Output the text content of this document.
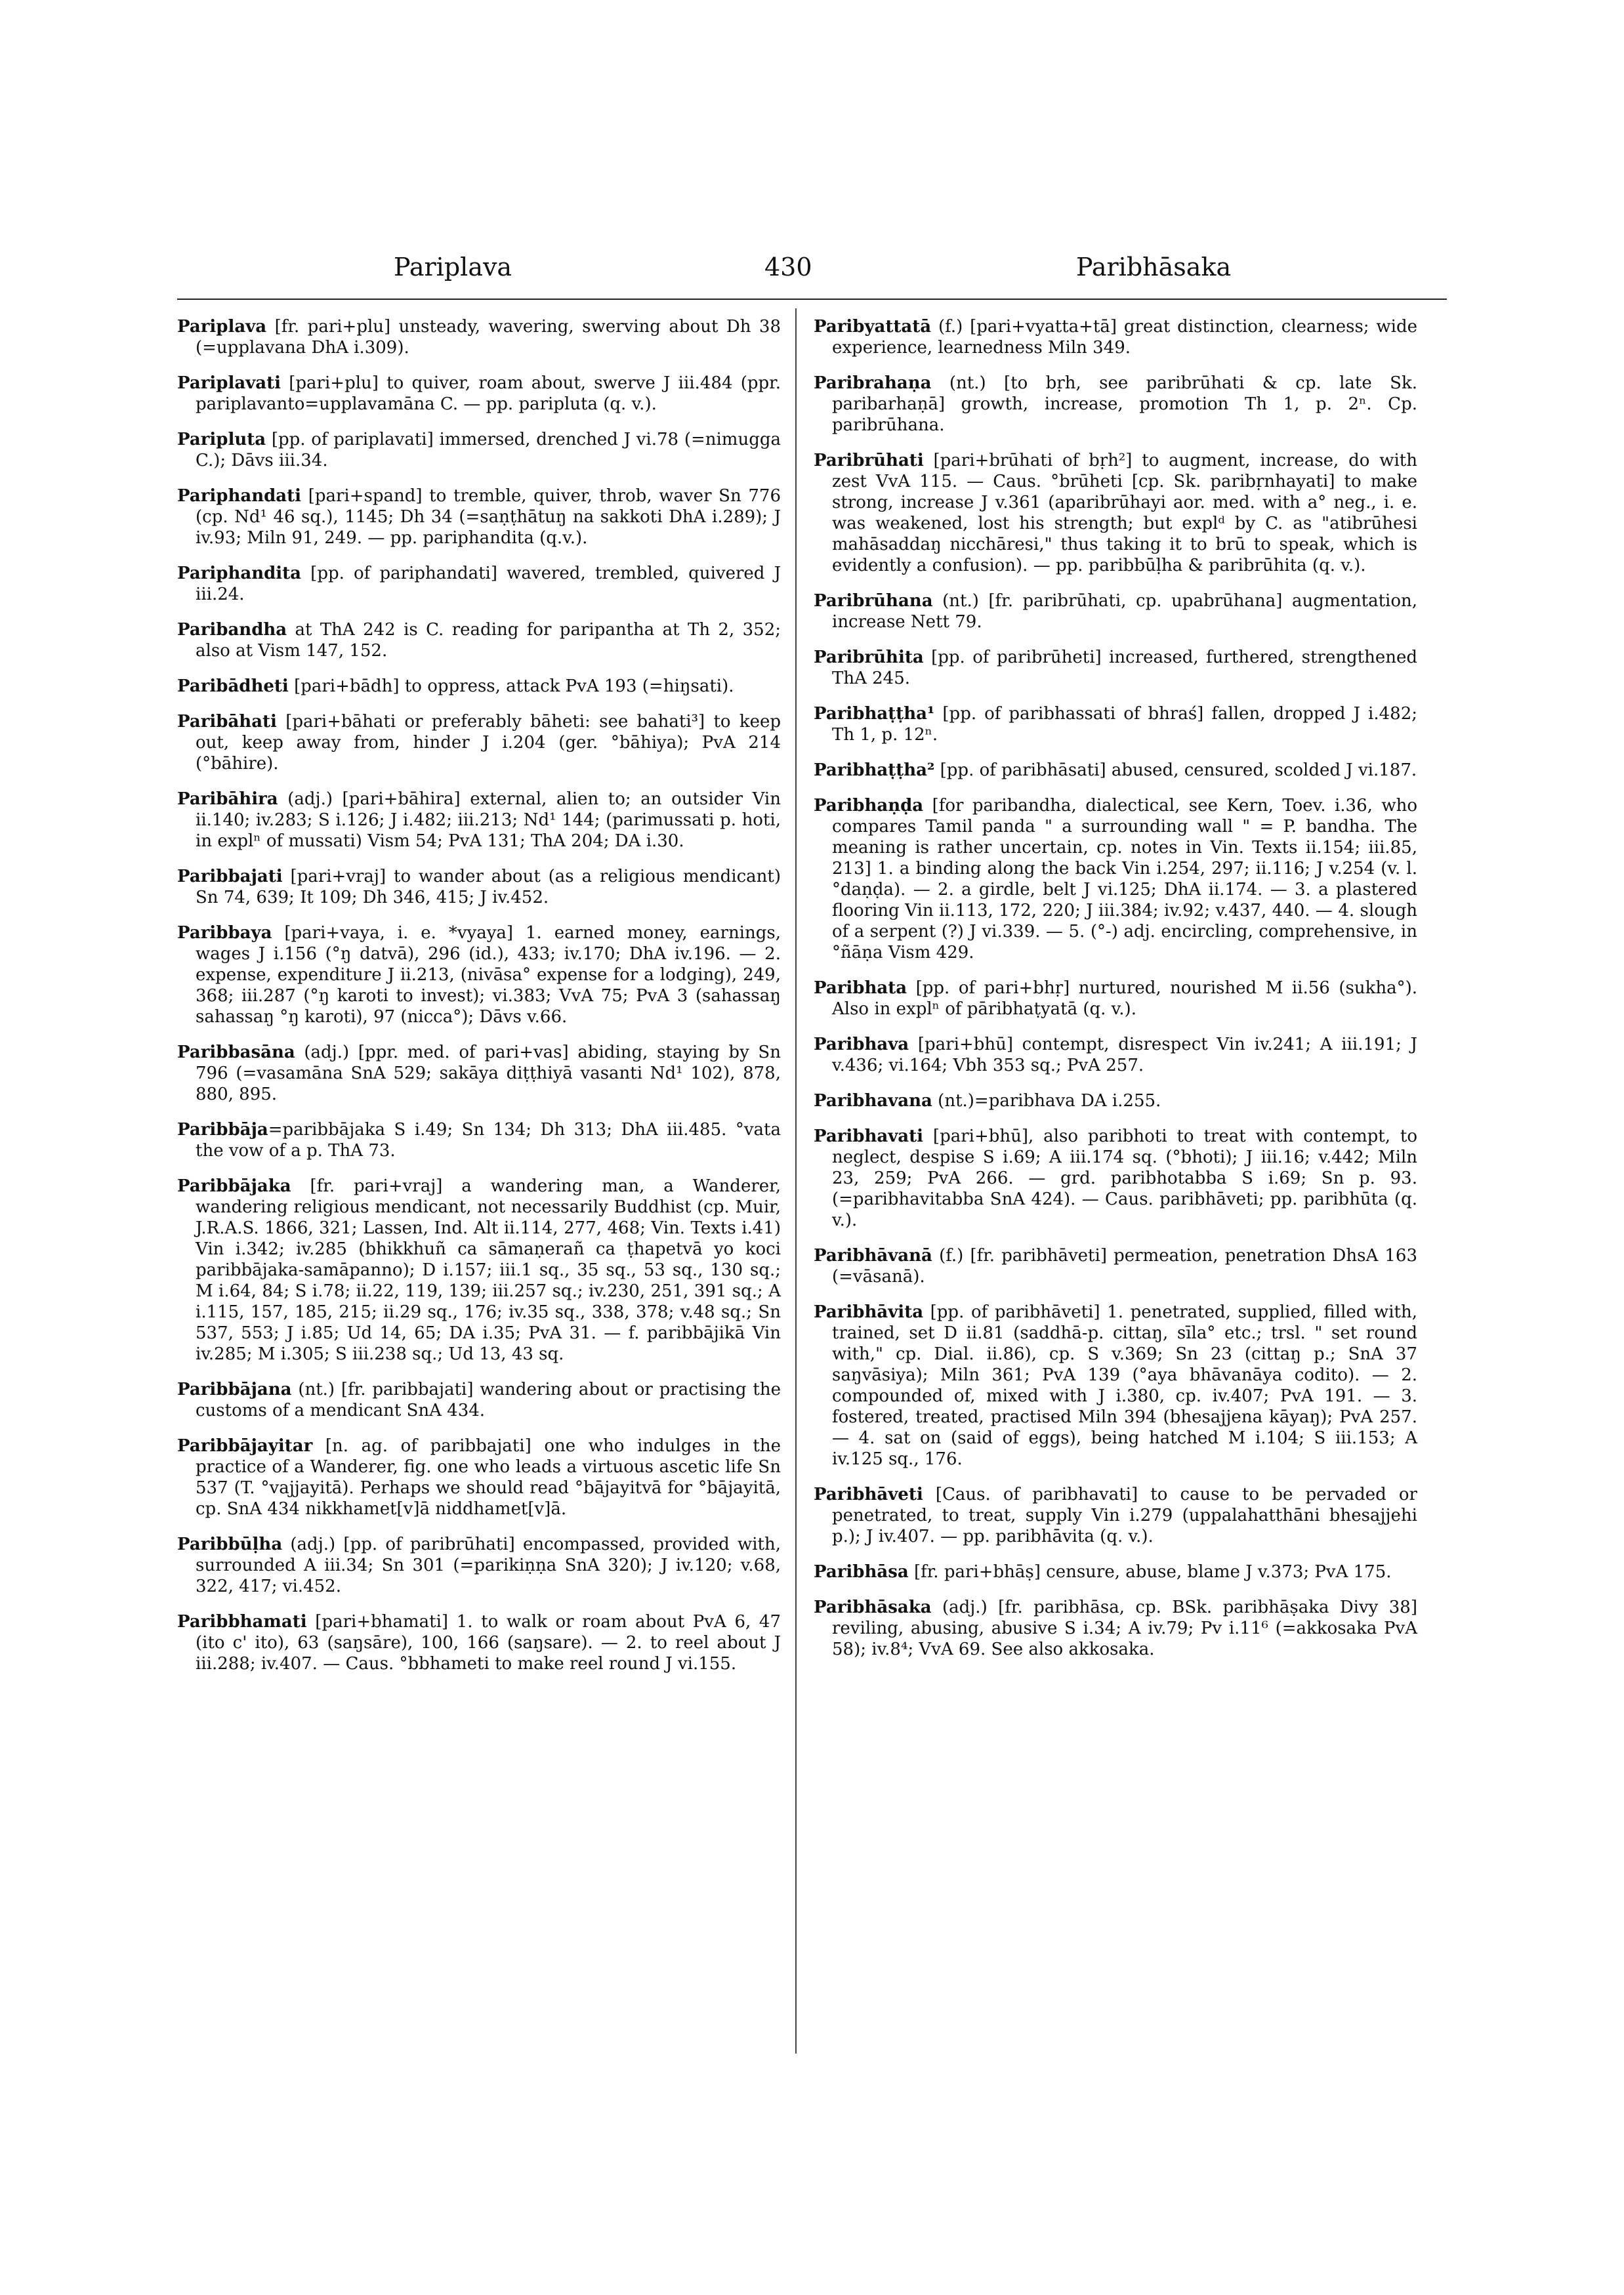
Pariplava	430	Paribhāsaka

Pariplava [fr. pari+plu] unsteady, wavering, swerving about Dh 38 (=upplavana DhA i.309).

Pariplavati [pari+plu] to quiver, roam about, swerve J iii.484 (ppr. pariplavanto=upplavamāna C. — pp. paripluta (q. v.).

Paripluta [pp. of pariplavati] immersed, drenched J vi.78 (=nimugga C.); Dāvs iii.34.

Pariphandati [pari+spand] to tremble, quiver, throb, waver Sn 776 (cp. Nd¹ 46 sq.), 1145; Dh 34 (=saṇṭhātuŋ na sakkoti DhA i.289); J iv.93; Miln 91, 249. — pp. pariphandita (q.v.).

Pariphandita [pp. of pariphandati] wavered, trembled, quivered J iii.24.

Paribandha at ThA 242 is C. reading for paripantha at Th 2, 352; also at Vism 147, 152.

Paribādheti [pari+bādh] to oppress, attack PvA 193 (=hiŋsati).

Paribāhati [pari+bāhati or preferably bāheti: see bahati³] to keep out, keep away from, hinder J i.204 (ger. °bāhiya); PvA 214 (°bāhire).

Paribāhira (adj.) [pari+bāhira] external, alien to; an outsider Vin ii.140; iv.283; S i.126; J i.482; iii.213; Nd¹ 144; (parimussati p. hoti, in explⁿ of mussati) Vism 54; PvA 131; ThA 204; DA i.30.

Paribbajati [pari+vraj] to wander about (as a religious mendicant) Sn 74, 639; It 109; Dh 346, 415; J iv.452.

Paribbaya [pari+vaya, i. e. *vyaya] 1. earned money, earnings, wages J i.156 (°ŋ datvā), 296 (id.), 433; iv.170; DhA iv.196. — 2. expense, expenditure J ii.213, (nivāsa° expense for a lodging), 249, 368; iii.287 (°ŋ karoti to invest); vi.383; VvA 75; PvA 3 (sahassaŋ sahassaŋ °ŋ karoti), 97 (nicca°); Dāvs v.66.

Paribbasāna (adj.) [ppr. med. of pari+vas] abiding, staying by Sn 796 (=vasamāna SnA 529; sakāya diṭṭhiyā vasanti Nd¹ 102), 878, 880, 895.

Paribbāja=paribbājaka S i.49; Sn 134; Dh 313; DhA iii.485. °vata the vow of a p. ThA 73.

Paribbājaka [fr. pari+vraj] a wandering man, a Wanderer, wandering religious mendicant, not necessarily Buddhist (cp. Muir, J.R.A.S. 1866, 321; Lassen, Ind. Alt ii.114, 277, 468; Vin. Texts i.41) Vin i.342; iv.285 (bhikkhuñ ca sāmaṇerañ ca ṭhapetvā yo koci paribbājaka-samāpanno); D i.157; iii.1 sq., 35 sq., 53 sq., 130 sq.; M i.64, 84; S i.78; ii.22, 119, 139; iii.257 sq.; iv.230, 251, 391 sq.; A i.115, 157, 185, 215; ii.29 sq., 176; iv.35 sq., 338, 378; v.48 sq.; Sn 537, 553; J i.85; Ud 14, 65; DA i.35; PvA 31. — f. paribbājikā Vin iv.285; M i.305; S iii.238 sq.; Ud 13, 43 sq.

Paribbājana (nt.) [fr. paribbajati] wandering about or practising the customs of a mendicant SnA 434.

Paribbājayitar [n. ag. of paribbajati] one who indulges in the practice of a Wanderer, fig. one who leads a virtuous ascetic life Sn 537 (T. °vajjayitā). Perhaps we should read °bājayitvā for °bājayitā, cp. SnA 434 nikkhamet[v]ā niddhamet[v]ā.

Paribbūḷha (adj.) [pp. of paribrūhati] encompassed, provided with, surrounded A iii.34; Sn 301 (=parikiṇṇa SnA 320); J iv.120; v.68, 322, 417; vi.452.

Paribbhamati [pari+bhamati] 1. to walk or roam about PvA 6, 47 (ito c' ito), 63 (saŋsāre), 100, 166 (saŋsare). — 2. to reel about J iii.288; iv.407. — Caus. °bbhameti to make reel round J vi.155.

Paribyattatā (f.) [pari+vyatta+tā] great distinction, clearness; wide experience, learnedness Miln 349.

Paribrahaṇa (nt.) [to bṛh, see paribrūhati & cp. late Sk. paribarhaṇā] growth, increase, promotion Th 1, p. 2ⁿ. Cp. paribrūhana.

Paribrūhati [pari+brūhati of bṛh²] to augment, increase, do with zest VvA 115. — Caus. °brūheti [cp. Sk. paribṛnhayati] to make strong, increase J v.361 (aparibrūhayi aor. med. with a° neg., i. e. was weakened, lost his strength; but explᵈ by C. as "atibrūhesi mahāsaddaŋ nicchāresi," thus taking it to brū to speak, which is evidently a confusion). — pp. paribbūḷha & paribrūhita (q. v.).

Paribrūhana (nt.) [fr. paribrūhati, cp. upabrūhana] augmentation, increase Nett 79.

Paribrūhita [pp. of paribrūheti] increased, furthered, strengthened ThA 245.

Paribhaṭṭha¹ [pp. of paribhassati of bhraś] fallen, dropped J i.482; Th 1, p. 12ⁿ.

Paribhaṭṭha² [pp. of paribhāsati] abused, censured, scolded J vi.187.

Paribhaṇḍa [for paribandha, dialectical, see Kern, Toev. i.36, who compares Tamil panda " a surrounding wall " = P. bandha. The meaning is rather uncertain, cp. notes in Vin. Texts ii.154; iii.85, 213] 1. a binding along the back Vin i.254, 297; ii.116; J v.254 (v. l. °daṇḍa). — 2. a girdle, belt J vi.125; DhA ii.174. — 3. a plastered flooring Vin ii.113, 172, 220; J iii.384; iv.92; v.437, 440. — 4. slough of a serpent (?) J vi.339. — 5. (°-) adj. encircling, comprehensive, in °ñāṇa Vism 429.

Paribhata [pp. of pari+bhṛ] nurtured, nourished M ii.56 (sukha°). Also in explⁿ of pāribhaṭyatā (q. v.).

Paribhava [pari+bhū] contempt, disrespect Vin iv.241; A iii.191; J v.436; vi.164; Vbh 353 sq.; PvA 257.

Paribhavana (nt.)=paribhava DA i.255.

Paribhavati [pari+bhū], also paribhoti to treat with contempt, to neglect, despise S i.69; A iii.174 sq. (°bhoti); J iii.16; v.442; Miln 23, 259; PvA 266. — grd. paribhotabba S i.69; Sn p. 93. (=paribhavitabba SnA 424). — Caus. paribhāveti; pp. paribhūta (q. v.).

Paribhāvanā (f.) [fr. paribhāveti] permeation, penetration DhsA 163 (=vāsanā).

Paribhāvita [pp. of paribhāveti] 1. penetrated, supplied, filled with, trained, set D ii.81 (saddhā-p. cittaŋ, sīla° etc.; trsl. " set round with," cp. Dial. ii.86), cp. S v.369; Sn 23 (cittaŋ p.; SnA 37 saŋvāsiya); Miln 361; PvA 139 (°aya bhāvanāya codito). — 2. compounded of, mixed with J i.380, cp. iv.407; PvA 191. — 3. fostered, treated, practised Miln 394 (bhesajjena kāyaŋ); PvA 257. — 4. sat on (said of eggs), being hatched M i.104; S iii.153; A iv.125 sq., 176.

Paribhāveti [Caus. of paribhavati] to cause to be pervaded or penetrated, to treat, supply Vin i.279 (uppalahatthāni bhesajjehi p.); J iv.407. — pp. paribhāvita (q. v.).

Paribhāsa [fr. pari+bhāṣ] censure, abuse, blame J v.373; PvA 175.

Paribhāsaka (adj.) [fr. paribhāsa, cp. BSk. paribhāṣaka Divy 38] reviling, abusing, abusive S i.34; A iv.79; Pv i.11⁶ (=akkosaka PvA 58); iv.8⁴; VvA 69. See also akkosaka.
